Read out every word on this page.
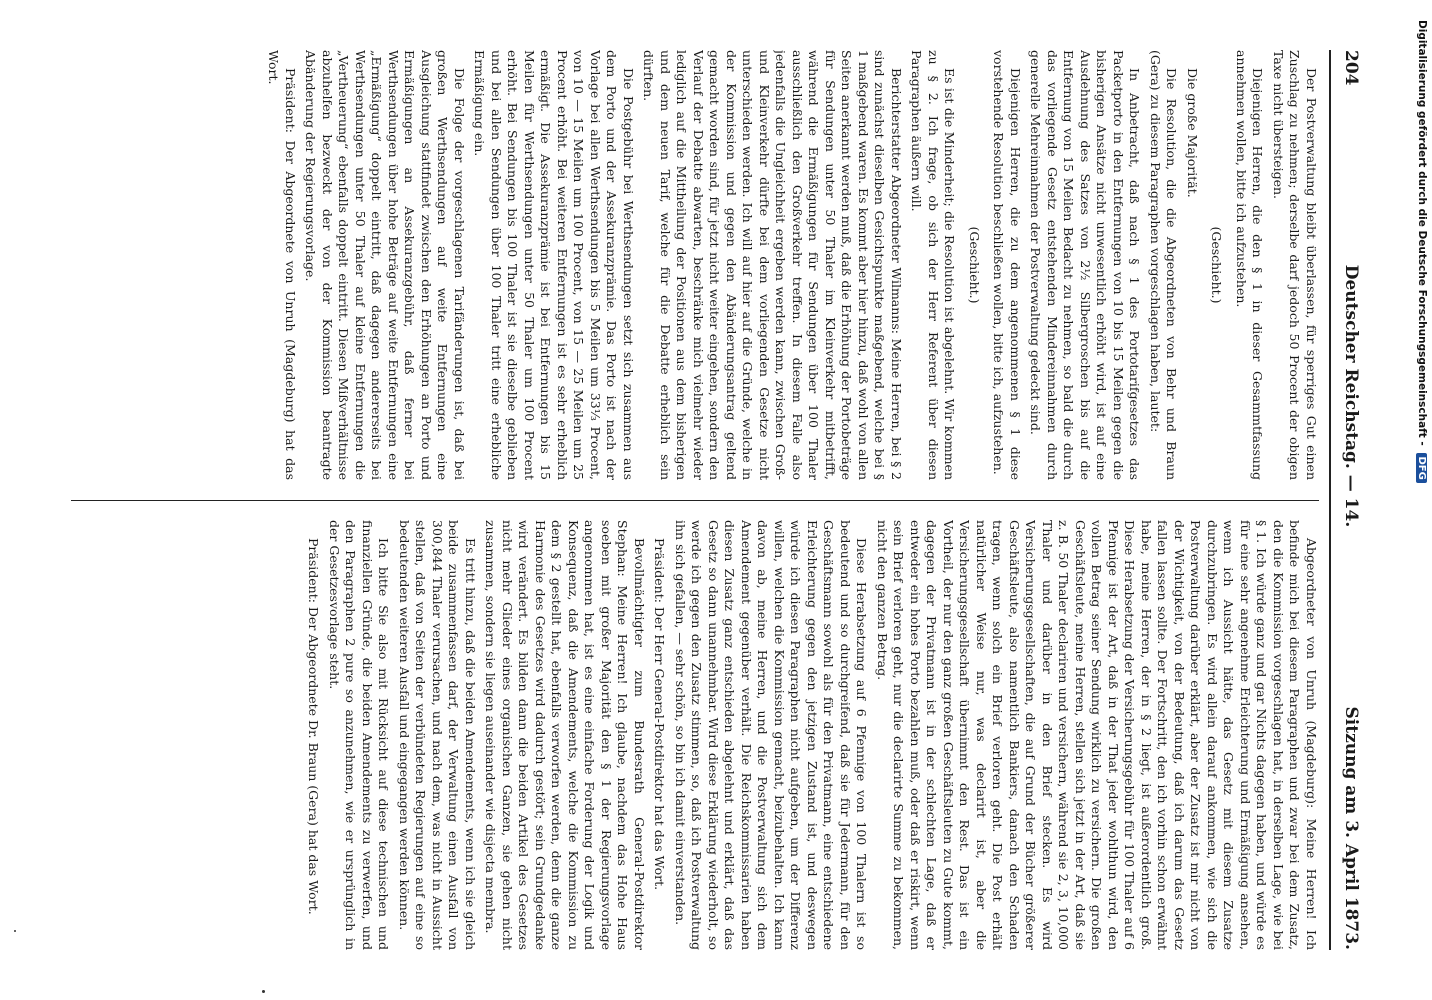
204
Deutscher Reichstag. — 14.
Sitzung am 3. April 1873.

Der Postverwaltung bleibt überlassen, für sperriges Gut einen Zuschlag zu nehmen; derselbe darf jedoch 50 Procent der obigen Taxe nicht übersteigen.

Diejenigen Herren, die den § 1 in dieser Gesammtfassung annehmen wollen, bitte ich aufzustehen.

(Geschieht.)

Die große Majorität.

Die Resolution, die die Abgeordneten von Behr und Braun (Gera) zu diesem Paragraphen vorgeschlagen haben, lautet:

In Anbetracht, daß nach § 1 des Portotarifgesetzes das Packetporto in den Entfernungen von 10 bis 15 Meilen gegen die bisherigen Ansätze nicht unwesentlich erhöht wird, ist auf eine Ausdehnung des Satzes von 2½ Silbergroschen bis auf die Entfernung von 15 Meilen Bedacht zu nehmen, so bald die durch das vorliegende Gesetz entstehenden Mindereinnahmen durch generelle Mehreinnahmen der Postverwaltung gedeckt sind.

Diejenigen Herren, die zu dem angenommenen § 1 diese vorstehende Resolution beschließen wollen, bitte ich, aufzustehen.

(Geschieht.)

Es ist die Minderheit; die Resolution ist abgelehnt. Wir kommen zu § 2. Ich frage, ob sich der Herr Referent über diesen Paragraphen äußern will.

Berichterstatter Abgeordneter Wilmanns: Meine Herren, bei § 2 sind zunächst dieselben Gesichtspunkte maßgebend, welche bei § 1 maßgebend waren. Es kommt aber hier hinzu, daß wohl von allen Seiten anerkannt werden muß, daß die Erhöhung der Portobeträge für Sendungen unter 50 Thaler im Kleinverkehr mitbetrifft, während die Ermäßigungen für Sendungen über 100 Thaler ausschließlich den Großverkehr treffen. In diesem Falle also jedenfalls die Ungleichheit ergeben werden kann, zwischen Groß- und Kleinverkehr dürfte bei dem vorliegenden Gesetze nicht unterschieden werden. Ich will auf hier auf die Gründe, welche in der Kommission und gegen den Abänderungsantrag geltend gemacht worden sind, für jetzt nicht weiter eingehen, sondern den Verlauf der Debatte abwarten, beschränke mich vielmehr wieder lediglich auf die Mittheilung der Positionen aus dem bisherigen und dem neuen Tarif, welche für die Debatte erheblich sein dürften.

Die Postgebühr bei Werthsendungen setzt sich zusammen aus dem Porto und der Assekuranzprämie. Das Porto ist nach der Vorlage bei allen Werthsendungen bis 5 Meilen um 33⅓ Procent, von 10 — 15 Meilen um 100 Procent, von 15 — 25 Meilen um 25 Procent erhöht. Bei weiteren Entfernungen ist es sehr erheblich ermäßigt. Die Assekuranzprämie ist bei Entfernungen bis 15 Meilen für Werthsendungen unter 50 Thaler um 100 Procent erhöht. Bei Sendungen bis 100 Thaler ist sie dieselbe geblieben und bei allen Sendungen über 100 Thaler tritt eine erhebliche Ermäßigung ein.

Die Folge der vorgeschlagenen Tarifänderungen ist, daß bei großen Werthsendungen auf weite Entfernungen eine Ausgleichung stattfindet zwischen den Erhöhungen an Porto und Ermäßigungen an Assekuranzgebühr, daß ferner bei Werthsendungen über hohe Beträge auf weite Entfernungen eine „Ermäßigung“ doppelt eintritt, daß dagegen andererseits bei Werthsendungen unter 50 Thaler auf kleine Entfernungen die „Vertheuerung“ ebenfalls doppelt eintritt. Diesen Mißverhältnisse abzuhelfen bezweckt der von der Kommission beantragte Abänderung der Regierungsvorlage.

Präsident: Der Abgeordnete von Unruh (Magdeburg) hat das Wort.

Abgeordneter von Unruh (Magdeburg): Meine Herren! Ich befinde mich bei diesem Paragraphen und zwar bei dem Zusatz, den die Kommission vorgeschlagen hat, in derselben Lage, wie bei § 1. Ich würde ganz und gar Nichts dagegen haben, und würde es für eine sehr angenehme Erleichterung und Ermäßigung ansehen, wenn ich Aussicht hätte, das Gesetz mit diesem Zusatze durchzubringen. Es wird allein darauf ankommen, wie sich die Postverwaltung darüber erklärt, aber der Zusatz ist mir nicht von der Wichtigkeit, von der Bedeutung, daß ich darum das Gesetz fallen lassen sollte. Der Fortschritt, den ich vorhin schon erwähnt habe, meine Herren, der in § 2 liegt, ist außerordentlich groß. Diese Herabsetzung der Versicherungsgebühr für 100 Thaler auf 6 Pfennige ist der Art, daß in der That jeder wohlthun wird, den vollen Betrag seiner Sendung wirklich zu versichern. Die großen Geschäftsleute, meine Herren, stellen sich jetzt in der Art, daß sie z. B. 50 Thaler declariren und versichern, während sie 2, 3, 10,000 Thaler und darüber in den Brief stecken. Es wird Versicherungsgesellschaften, die auf Grund der Bücher größerer Geschäftsleute, also namentlich Bankiers, danach den Schaden tragen, wenn solch ein Brief verloren geht. Die Post erhält natürlicher Weise nur, was declarirt ist, aber die Versicherungsgesellschaft übernimmt den Rest. Das ist ein Vortheil, der nur den ganz großen Geschäftsleuten zu Gute kommt, dagegen der Privatmann ist in der schlechten Lage, daß er entweder ein hohes Porto bezahlen muß, oder daß er riskirt, wenn sein Brief verloren geht, nur die declarirte Summe zu bekommen, nicht den ganzen Betrag.

Diese Herabsetzung auf 6 Pfennige von 100 Thalern ist so bedeutend und so durchgreifend, daß sie für Jedermann, für den Geschäftsmann sowohl als für den Privatmann, eine entschiedene Erleichterung gegen den jetzigen Zustand ist, und deswegen würde ich diesen Paragraphen nicht aufgeben, um der Differenz willen, welchen die Kommission gemacht, beizubehalten. Ich kann davon ab, meine Herren, und die Postverwaltung sich dem Amendement gegenüber verhält. Die Reichskommissarien haben diesen Zusatz ganz entschieden abgelehnt und erklärt, daß das Gesetz so dann unannehmbar. Wird diese Erklärung wiederholt, so werde ich gegen den Zusatz stimmen, so, daß ich Postverwaltung ihn sich gefallen, — sehr schön, so bin ich damit einverstanden.

Präsident: Der Herr General-Postdirektor hat das Wort.

Bevollmächtigter zum Bundesrath General-Postdirektor Stephan: Meine Herren! Ich glaube, nachdem das Hohe Haus soeben mit großer Majorität den § 1 der Regierungsvorlage angenommen hat, ist es eine einfache Forderung der Logik und Konsequenz, daß die Amendements, welche die Kommission zu dem § 2 gestellt hat, ebenfalls verworfen werden, denn die ganze Harmonie des Gesetzes wird dadurch gestört; sein Grundgedanke wird verändert. Es bilden dann die beiden Artikel des Gesetzes nicht mehr Glieder eines organischen Ganzen, sie gehen nicht zusammen, sondern sie liegen auseinander wie disjecta membra.

Es tritt hinzu, daß die beiden Amendements, wenn ich sie gleich beide zusammenfassen darf, der Verwaltung einen Ausfall von 300,844 Thaler verursachen, und nach dem, was nicht in Aussicht stellen, daß von Seiten der verbündeten Regierungen auf eine so bedeutenden weiteren Ausfall und eingegangen werden können.

Ich bitte Sie also mit Rücksicht auf diese technischen und finanziellen Gründe, die beiden Amendements zu verwerfen, und den Paragraphen 2 pure so anzunehmen, wie er ursprünglich in der Gesetzesvorlage steht.

Präsident: Der Abgeordnete Dr. Braun (Gera) hat das Wort.

Digitalisierung gefördert durch die Deutsche Forschungsgemeinschaft - DFG
